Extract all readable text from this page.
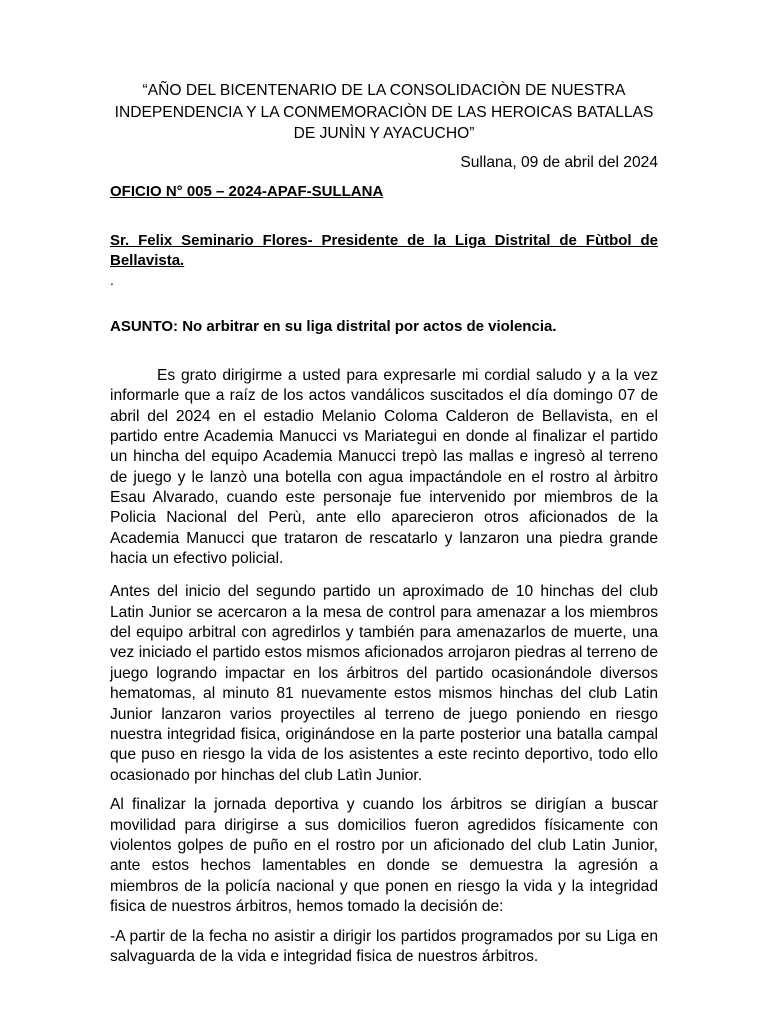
“AÑO DEL BICENTENARIO DE LA CONSOLIDACIÒN DE NUESTRA
INDEPENDENCIA Y LA CONMEMORACIÒN DE LAS HEROICAS BATALLAS
DE JUNÌN Y AYACUCHO”
Sullana, 09 de abril del 2024
OFICIO N° 005 – 2024-APAF-SULLANA
Sr. Felix Seminario Flores- Presidente de la Liga Distrital de Fùtbol de Bellavista.
.
ASUNTO: No arbitrar en su liga distrital por actos de violencia.

Es grato dirigirme a usted para expresarle mi cordial saludo y a la vez informarle que a raíz de los actos vandálicos suscitados el día domingo 07 de abril del 2024 en el estadio Melanio Coloma Calderon de Bellavista, en el partido entre Academia Manucci vs Mariategui en donde al finalizar el partido un hincha del equipo Academia Manucci trepò las mallas e ingresò al terreno de juego y le lanzò una botella con agua impactándole en el rostro al àrbitro Esau Alvarado, cuando este personaje fue intervenido por miembros de la Policia Nacional del Perù, ante ello aparecieron otros aficionados de la Academia Manucci que trataron de rescatarlo y lanzaron una piedra grande hacia un efectivo policial.

Antes del inicio del segundo partido un aproximado de 10 hinchas del club Latin Junior se acercaron a la mesa de control para amenazar a los miembros del equipo arbitral con agredirlos y también para amenazarlos de muerte, una vez iniciado el partido estos mismos aficionados arrojaron piedras al terreno de juego logrando impactar en los árbitros del partido ocasionándole diversos hematomas, al minuto 81 nuevamente estos mismos hinchas del club Latin Junior lanzaron varios proyectiles al terreno de juego poniendo en riesgo nuestra integridad fisica, originándose en la parte posterior una batalla campal que puso en riesgo la vida de los asistentes a este recinto deportivo, todo ello ocasionado por hinchas del club Latìn Junior.

Al finalizar la jornada deportiva y cuando los árbitros se dirigían a buscar movilidad para dirigirse a sus domicilios fueron agredidos físicamente con violentos golpes de puño en el rostro por un aficionado del club Latin Junior, ante estos hechos lamentables en donde se demuestra la agresión a miembros de la policía nacional y que ponen en riesgo la vida y la integridad fisica de nuestros árbitros, hemos tomado la decisión de:

-A partir de la fecha no asistir a dirigir los partidos programados por su Liga en salvaguarda de la vida e integridad fisica de nuestros árbitros.
